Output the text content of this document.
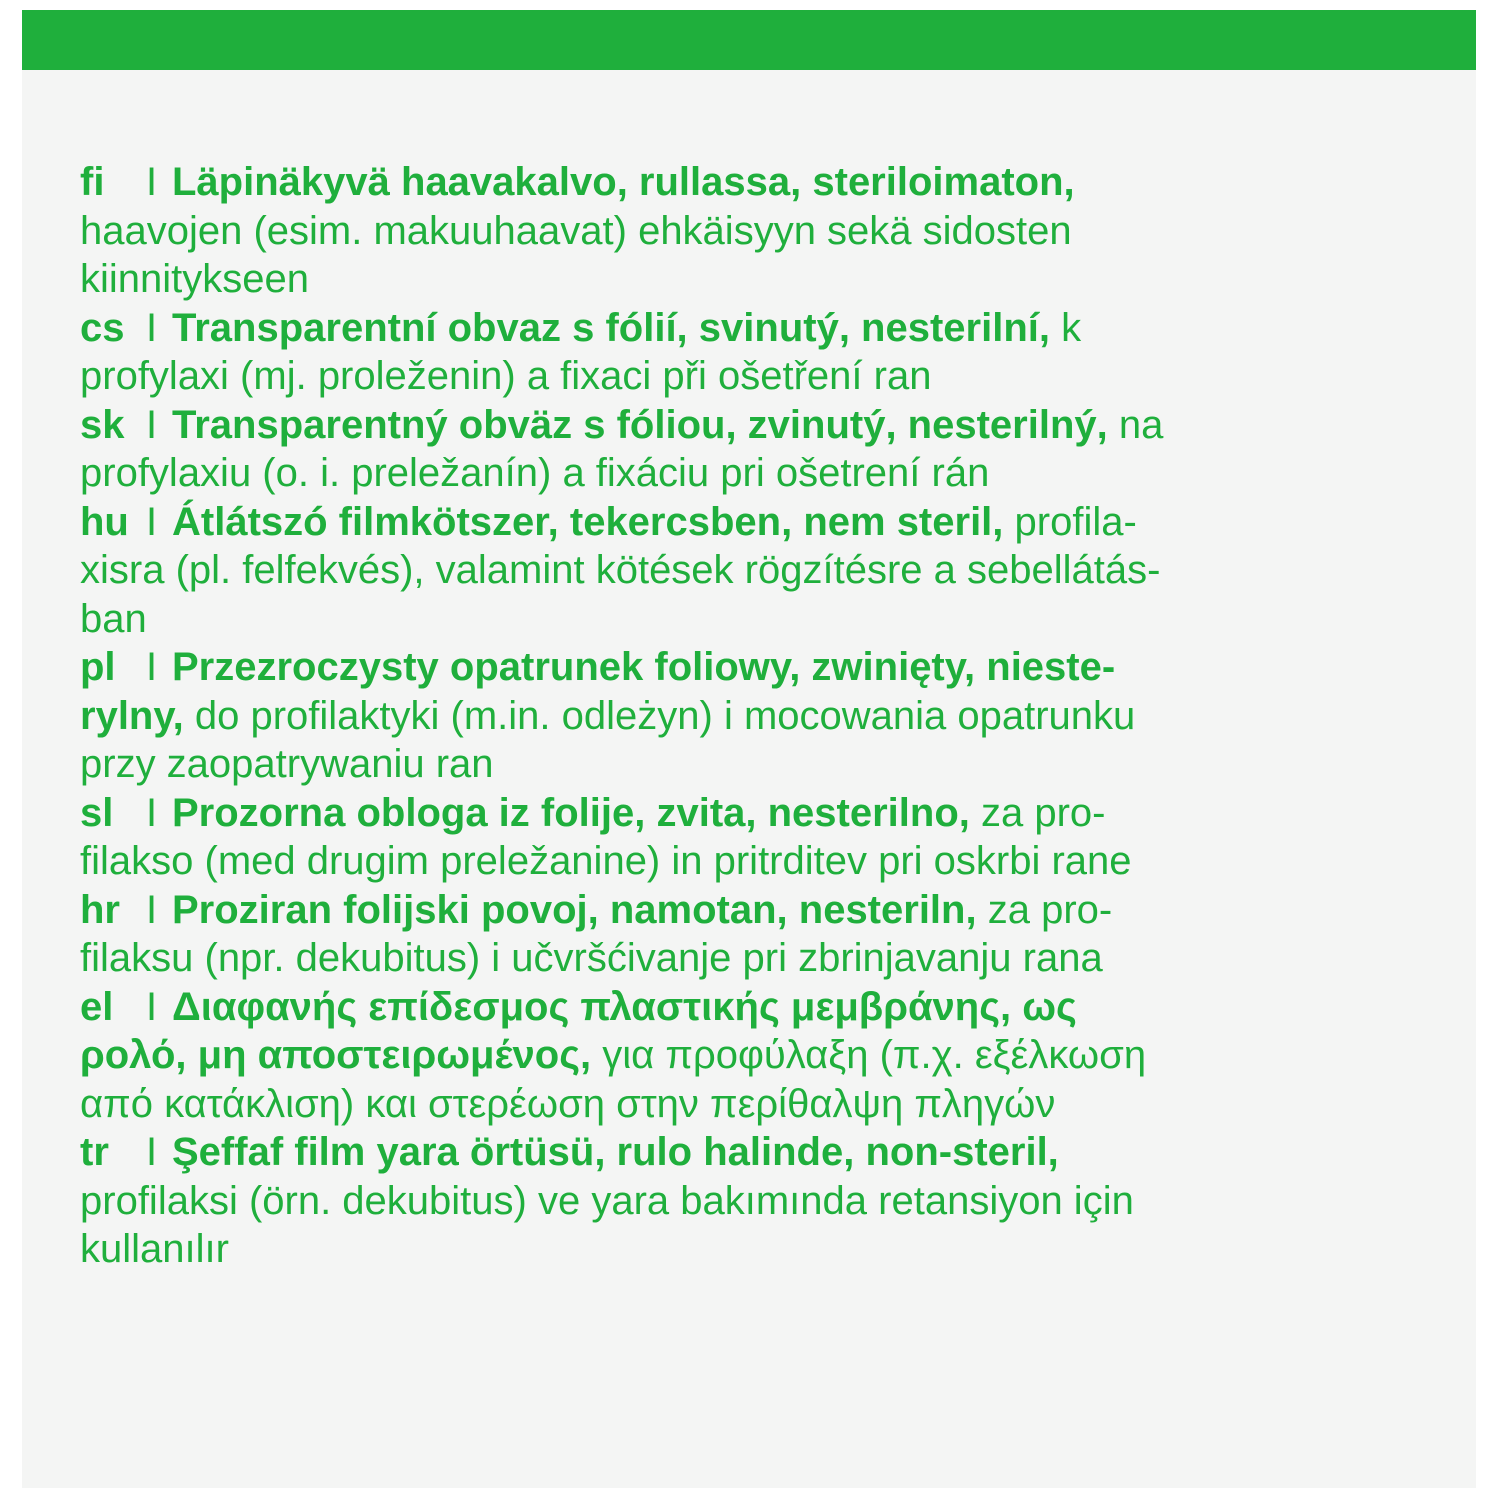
fi I Läpinäkyvä haavakalvo, rullassa, steriloimaton,
haavojen (esim. makuuhaavat) ehkäisyyn sekä sidosten
kiinnitykseen
cs I Transparentní obvaz s fólií, svinutý, nesterilní, k
profylaxi (mj. proleženin) a fixaci při ošetření ran
sk I Transparentný obväz s fóliou, zvinutý, nesterilný, na
profylaxiu (o. i. preležanín) a fixáciu pri ošetrení rán
hu I Átlátszó filmkötszer, tekercsben, nem steril, profila-
xisra (pl. felfekvés), valamint kötések rögzítésre a sebellátás-
ban
pl I Przezroczysty opatrunek foliowy, zwinięty, nieste-
rylny, do profilaktyki (m.in. odleżyn) i mocowania opatrunku
przy zaopatrywaniu ran
sl I Prozorna obloga iz folije, zvita, nesterilno, za pro-
filakso (med drugim preležanine) in pritrditev pri oskrbi rane
hr I Proziran folijski povoj, namotan, nesteriln, za pro-
filaksu (npr. dekubitus) i učvršćivanje pri zbrinjavanju rana
el I Διαφανής επίδεσμος πλαστικής μεμβράνης, ως
ρολό, μη αποστειρωμένος, για προφύλαξη (π.χ. εξέλκωση
από κατάκλιση) και στερέωση στην περίθαλψη πληγών
tr I Şeffaf film yara örtüsü, rulo halinde, non-steril,
profilaksi (örn. dekubitus) ve yara bakımında retansiyon için
kullanılır
